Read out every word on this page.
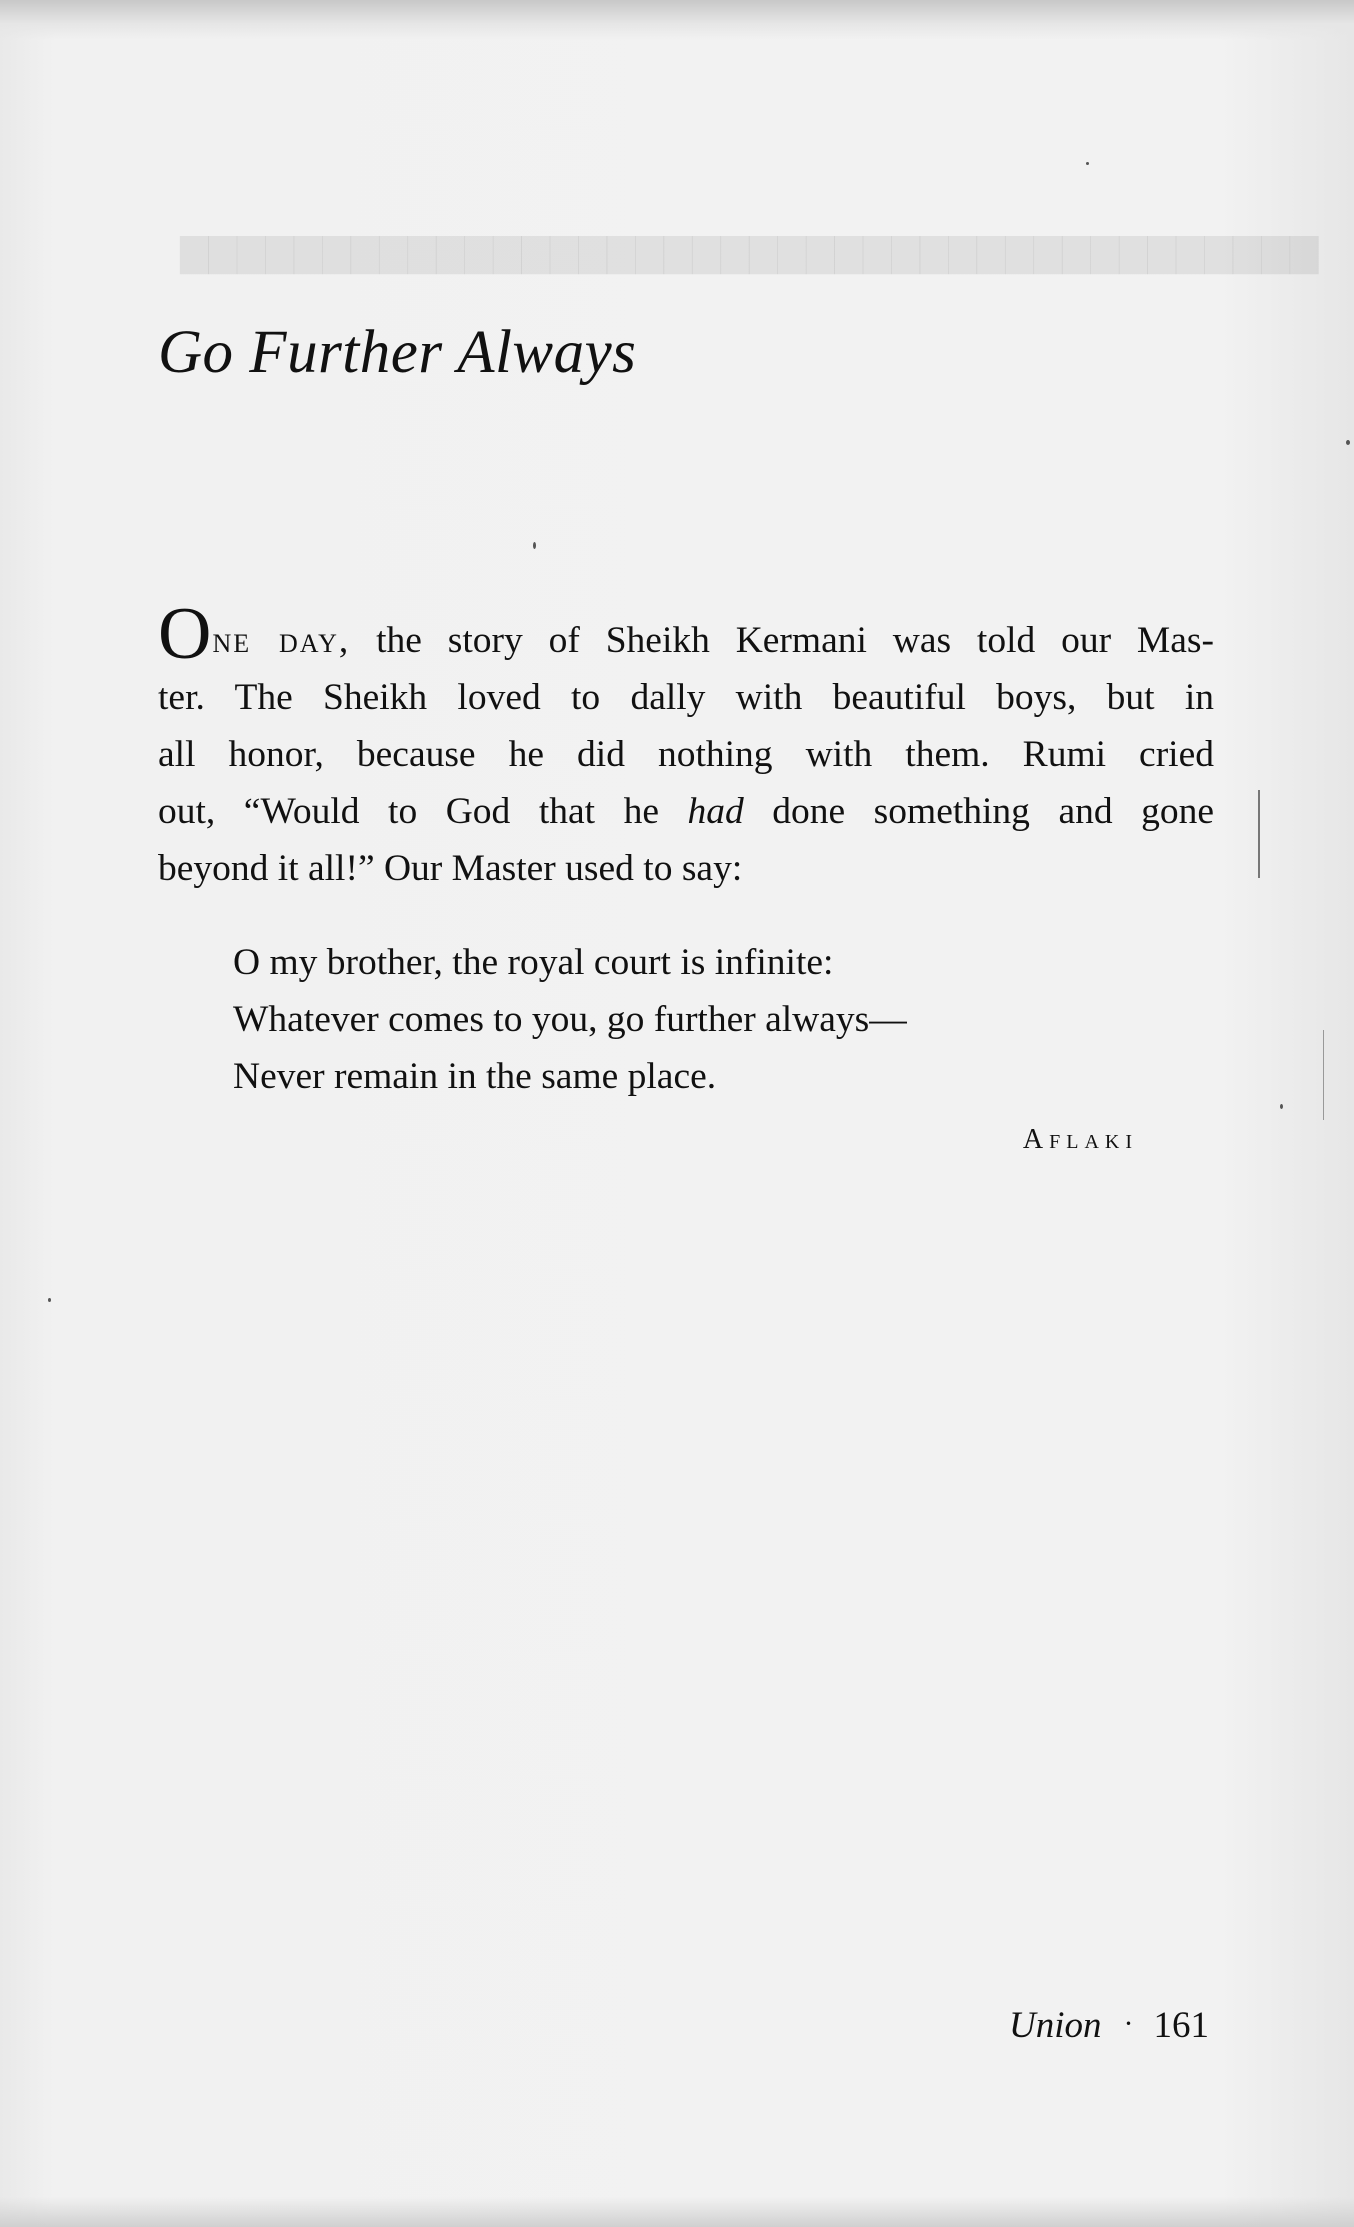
▇▇▇▇▇▇▇▇▇▇▇▇▇▇▇▇▇▇▇▇▇▇▇▇▇▇▇▇▇▇▇▇▇▇▇▇▇▇▇▇
Go Further Always
One day, the story of Sheikh Kermani was told our Mas-
ter. The Sheikh loved to dally with beautiful boys, but in
all honor, because he did nothing with them. Rumi cried
out, “Would to God that he had done something and gone
beyond it all!” Our Master used to say:
O my brother, the royal court is infinite:
Whatever comes to you, go further always—
Never remain in the same place.
Aflaki
Union · 161
